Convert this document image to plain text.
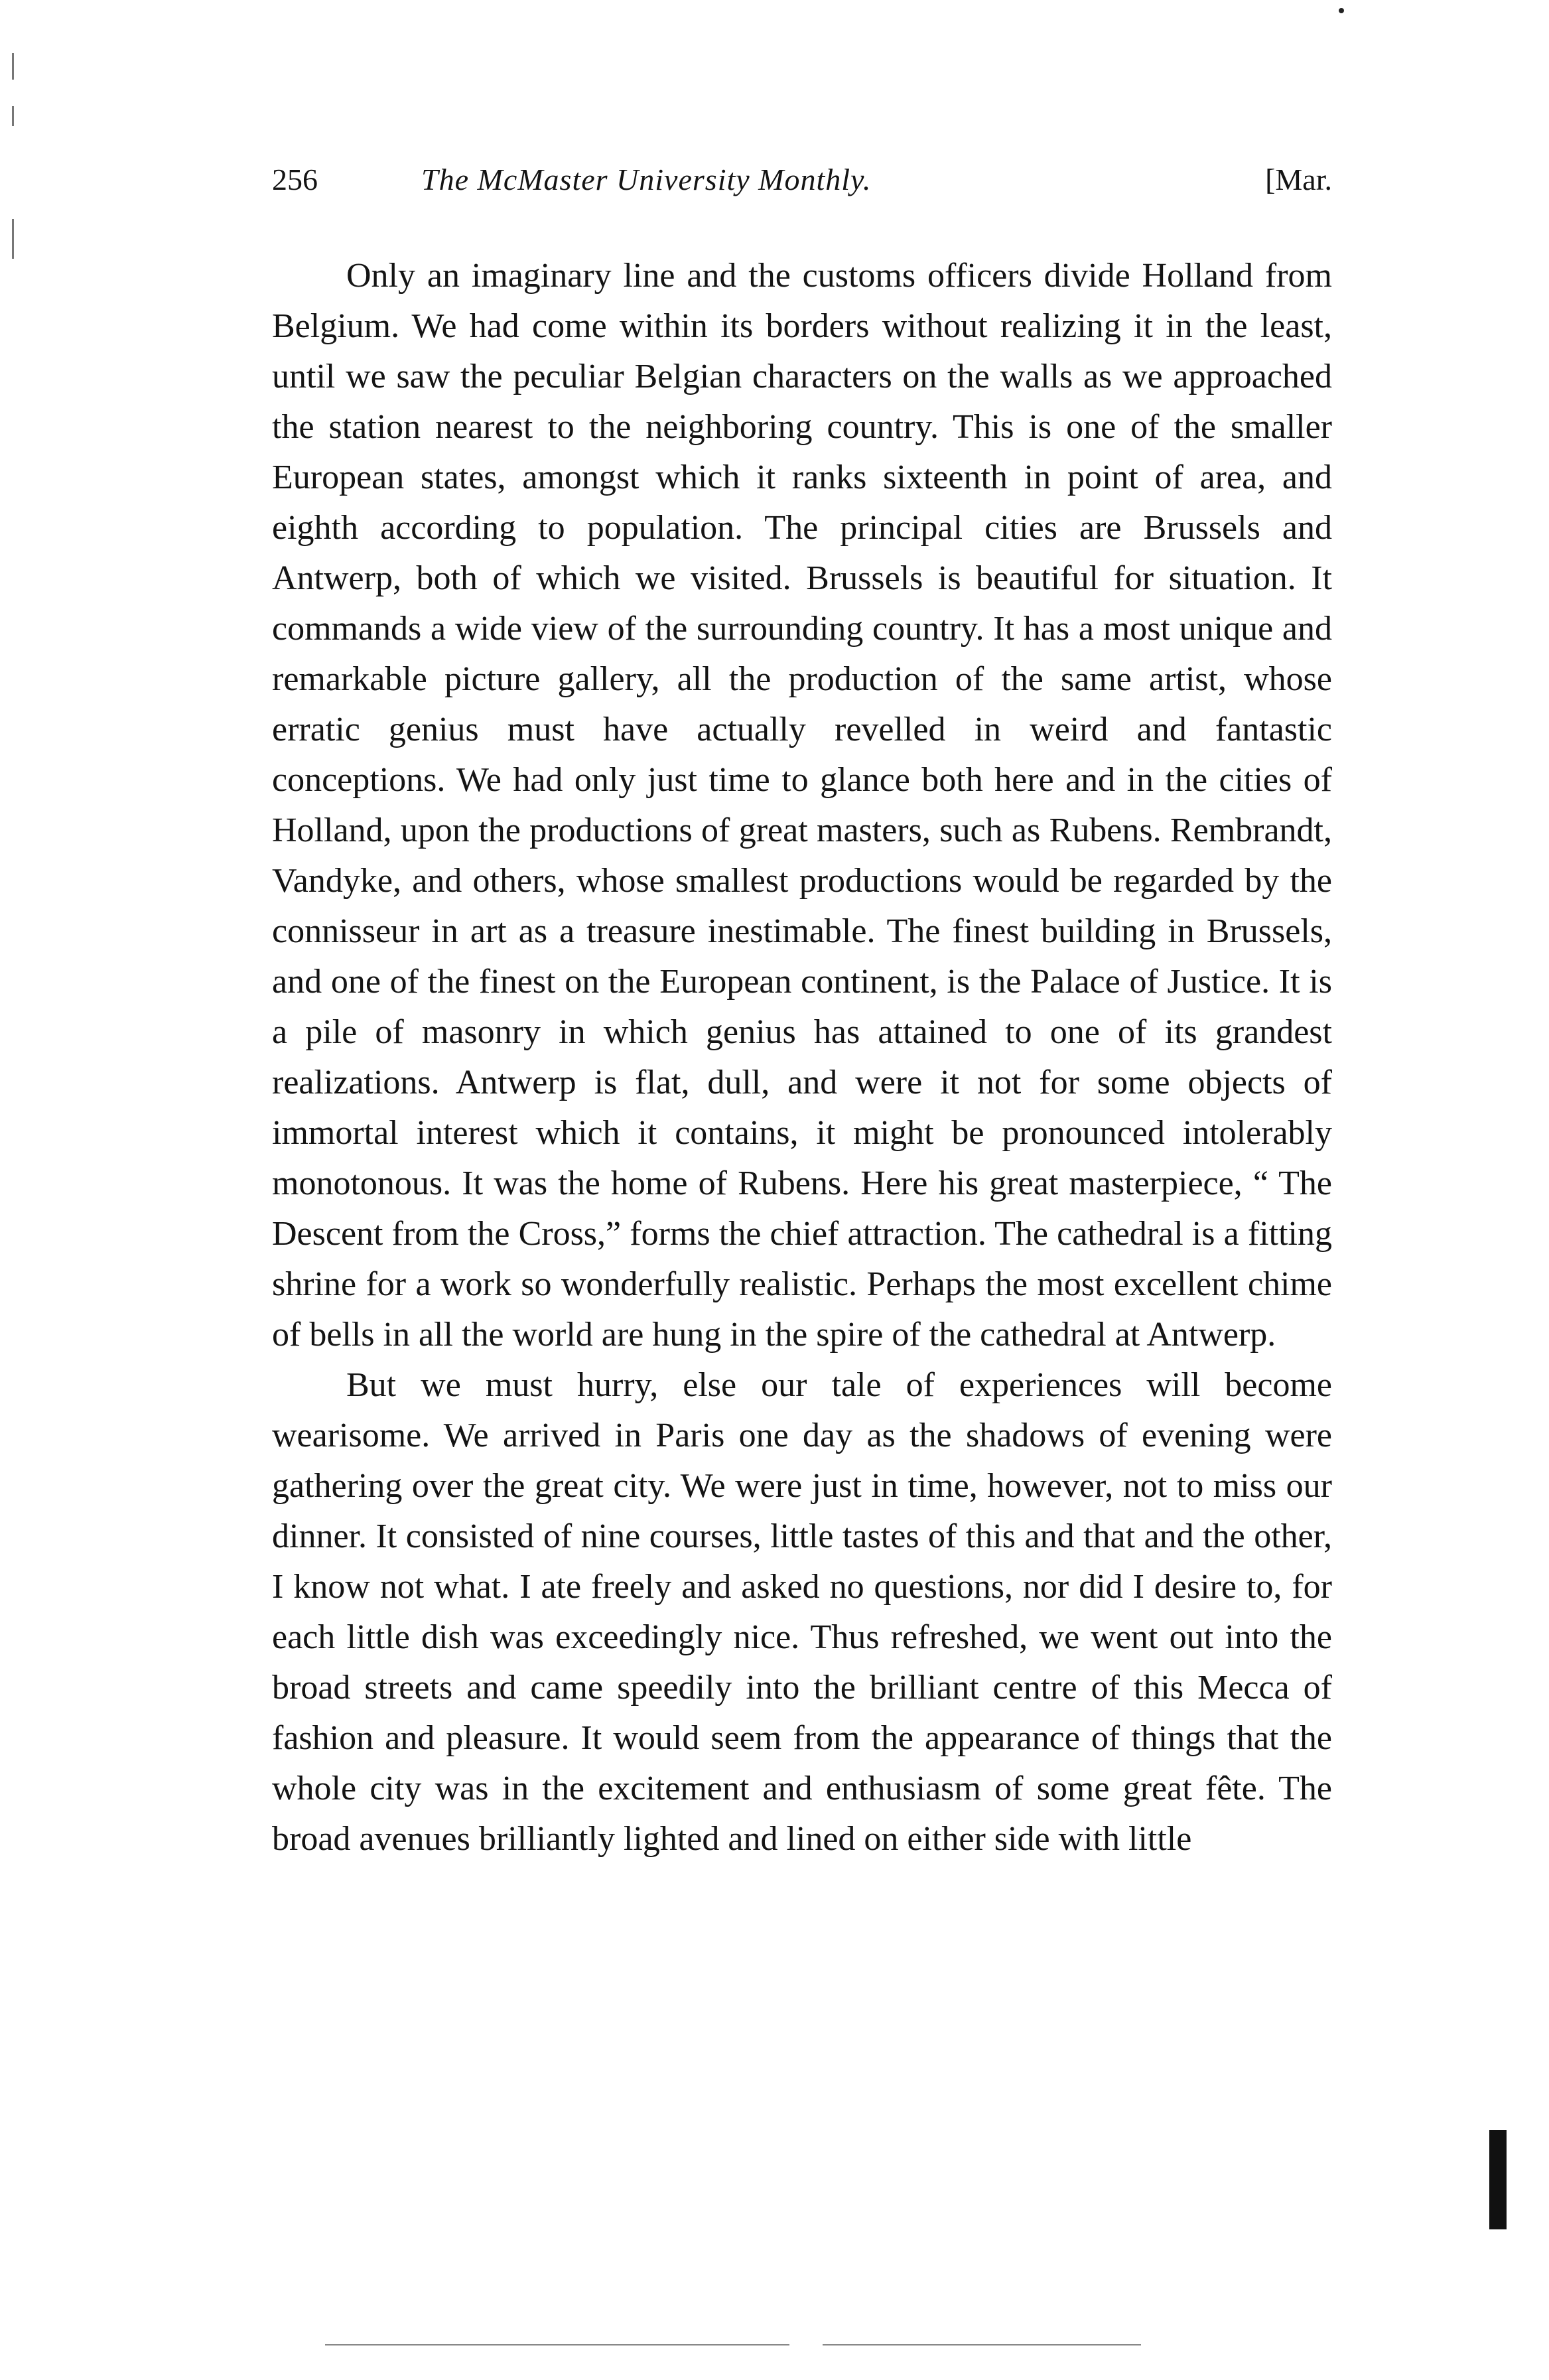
256	The McMaster University Monthly.	[Mar.

Only an imaginary line and the customs officers divide Holland from Belgium. We had come within its borders without realizing it in the least, until we saw the peculiar Belgian characters on the walls as we approached the station nearest to the neighboring country. This is one of the smaller European states, amongst which it ranks sixteenth in point of area, and eighth according to population. The principal cities are Brussels and Antwerp, both of which we visited. Brussels is beautiful for situation. It commands a wide view of the surrounding country. It has a most unique and remarkable picture gallery, all the production of the same artist, whose erratic genius must have actually revelled in weird and fantastic conceptions. We had only just time to glance both here and in the cities of Holland, upon the productions of great masters, such as Rubens. Rembrandt, Vandyke, and others, whose smallest productions would be regarded by the connisseur in art as a treasure inestimable. The finest building in Brussels, and one of the finest on the European continent, is the Palace of Justice. It is a pile of masonry in which genius has attained to one of its grandest realizations. Antwerp is flat, dull, and were it not for some objects of immortal interest which it contains, it might be pronounced intolerably monotonous. It was the home of Rubens. Here his great masterpiece, “ The Descent from the Cross,” forms the chief attraction. The cathedral is a fitting shrine for a work so wonderfully realistic. Perhaps the most excellent chime of bells in all the world are hung in the spire of the cathedral at Antwerp.

But we must hurry, else our tale of experiences will become wearisome. We arrived in Paris one day as the shadows of evening were gathering over the great city. We were just in time, however, not to miss our dinner. It consisted of nine courses, little tastes of this and that and the other, I know not what. I ate freely and asked no questions, nor did I desire to, for each little dish was exceedingly nice. Thus refreshed, we went out into the broad streets and came speedily into the brilliant centre of this Mecca of fashion and pleasure. It would seem from the appearance of things that the whole city was in the excitement and enthusiasm of some great fête. The broad avenues brilliantly lighted and lined on either side with little
